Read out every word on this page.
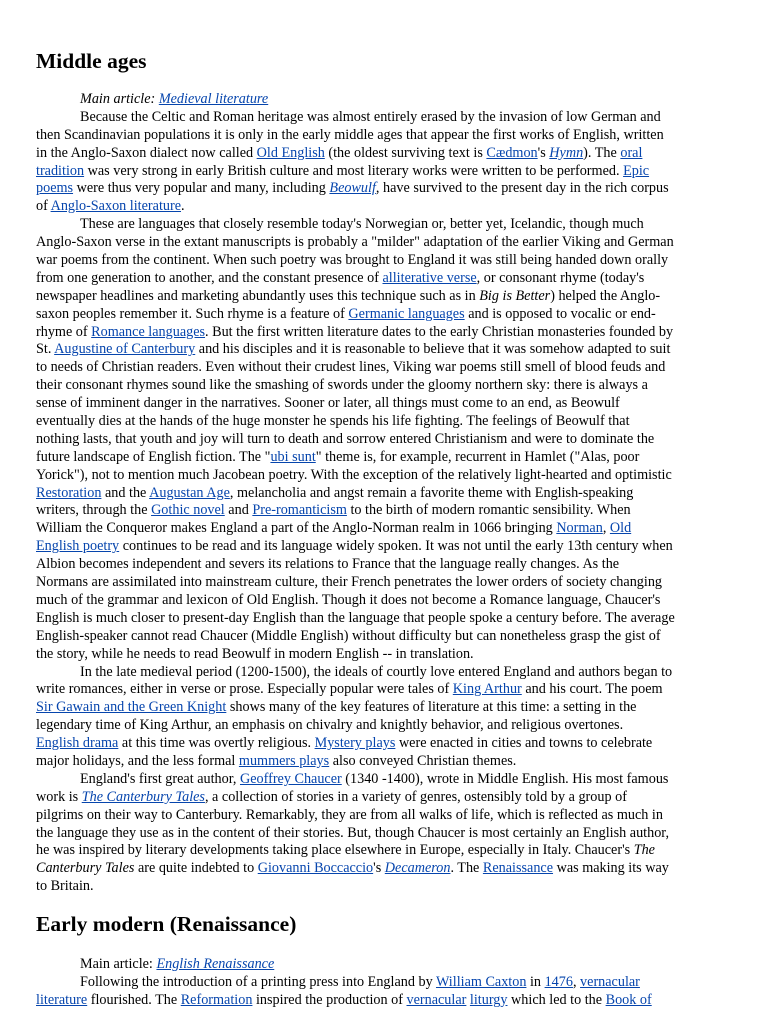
Middle ages
Main article: Medieval literature
Because the Celtic and Roman heritage was almost entirely erased by the invasion of low German and
then Scandinavian populations it is only in the early middle ages that appear the first works of English, written
in the Anglo-Saxon dialect now called Old English (the oldest surviving text is Cædmon's Hymn). The oral
tradition was very strong in early British culture and most literary works were written to be performed. Epic
poems were thus very popular and many, including Beowulf, have survived to the present day in the rich corpus
of Anglo-Saxon literature.
These are languages that closely resemble today's Norwegian or, better yet, Icelandic, though much
Anglo-Saxon verse in the extant manuscripts is probably a "milder" adaptation of the earlier Viking and German
war poems from the continent. When such poetry was brought to England it was still being handed down orally
from one generation to another, and the constant presence of alliterative verse, or consonant rhyme (today's
newspaper headlines and marketing abundantly uses this technique such as in Big is Better) helped the Anglo-
saxon peoples remember it. Such rhyme is a feature of Germanic languages and is opposed to vocalic or end-
rhyme of Romance languages. But the first written literature dates to the early Christian monasteries founded by
St. Augustine of Canterbury and his disciples and it is reasonable to believe that it was somehow adapted to suit
to needs of Christian readers. Even without their crudest lines, Viking war poems still smell of blood feuds and
their consonant rhymes sound like the smashing of swords under the gloomy northern sky: there is always a
sense of imminent danger in the narratives. Sooner or later, all things must come to an end, as Beowulf
eventually dies at the hands of the huge monster he spends his life fighting. The feelings of Beowulf that
nothing lasts, that youth and joy will turn to death and sorrow entered Christianism and were to dominate the
future landscape of English fiction. The "ubi sunt" theme is, for example, recurrent in Hamlet ("Alas, poor
Yorick"), not to mention much Jacobean poetry. With the exception of the relatively light-hearted and optimistic
Restoration and the Augustan Age, melancholia and angst remain a favorite theme with English-speaking
writers, through the Gothic novel and Pre-romanticism to the birth of modern romantic sensibility. When
William the Conqueror makes England a part of the Anglo-Norman realm in 1066 bringing Norman, Old
English poetry continues to be read and its language widely spoken. It was not until the early 13th century when
Albion becomes independent and severs its relations to France that the language really changes. As the
Normans are assimilated into mainstream culture, their French penetrates the lower orders of society changing
much of the grammar and lexicon of Old English. Though it does not become a Romance language, Chaucer's
English is much closer to present-day English than the language that people spoke a century before. The average
English-speaker cannot read Chaucer (Middle English) without difficulty but can nonetheless grasp the gist of
the story, while he needs to read Beowulf in modern English -- in translation.
In the late medieval period (1200-1500), the ideals of courtly love entered England and authors began to
write romances, either in verse or prose. Especially popular were tales of King Arthur and his court. The poem
Sir Gawain and the Green Knight shows many of the key features of literature at this time: a setting in the
legendary time of King Arthur, an emphasis on chivalry and knightly behavior, and religious overtones.
English drama at this time was overtly religious. Mystery plays were enacted in cities and towns to celebrate
major holidays, and the less formal mummers plays also conveyed Christian themes.
England's first great author, Geoffrey Chaucer (1340 -1400), wrote in Middle English. His most famous
work is The Canterbury Tales, a collection of stories in a variety of genres, ostensibly told by a group of
pilgrims on their way to Canterbury. Remarkably, they are from all walks of life, which is reflected as much in
the language they use as in the content of their stories. But, though Chaucer is most certainly an English author,
he was inspired by literary developments taking place elsewhere in Europe, especially in Italy. Chaucer's The
Canterbury Tales are quite indebted to Giovanni Boccaccio's Decameron. The Renaissance was making its way
to Britain.
Early modern (Renaissance)
Main article: English Renaissance
Following the introduction of a printing press into England by William Caxton in 1476, vernacular
literature flourished. The Reformation inspired the production of vernacular liturgy which led to the Book of
